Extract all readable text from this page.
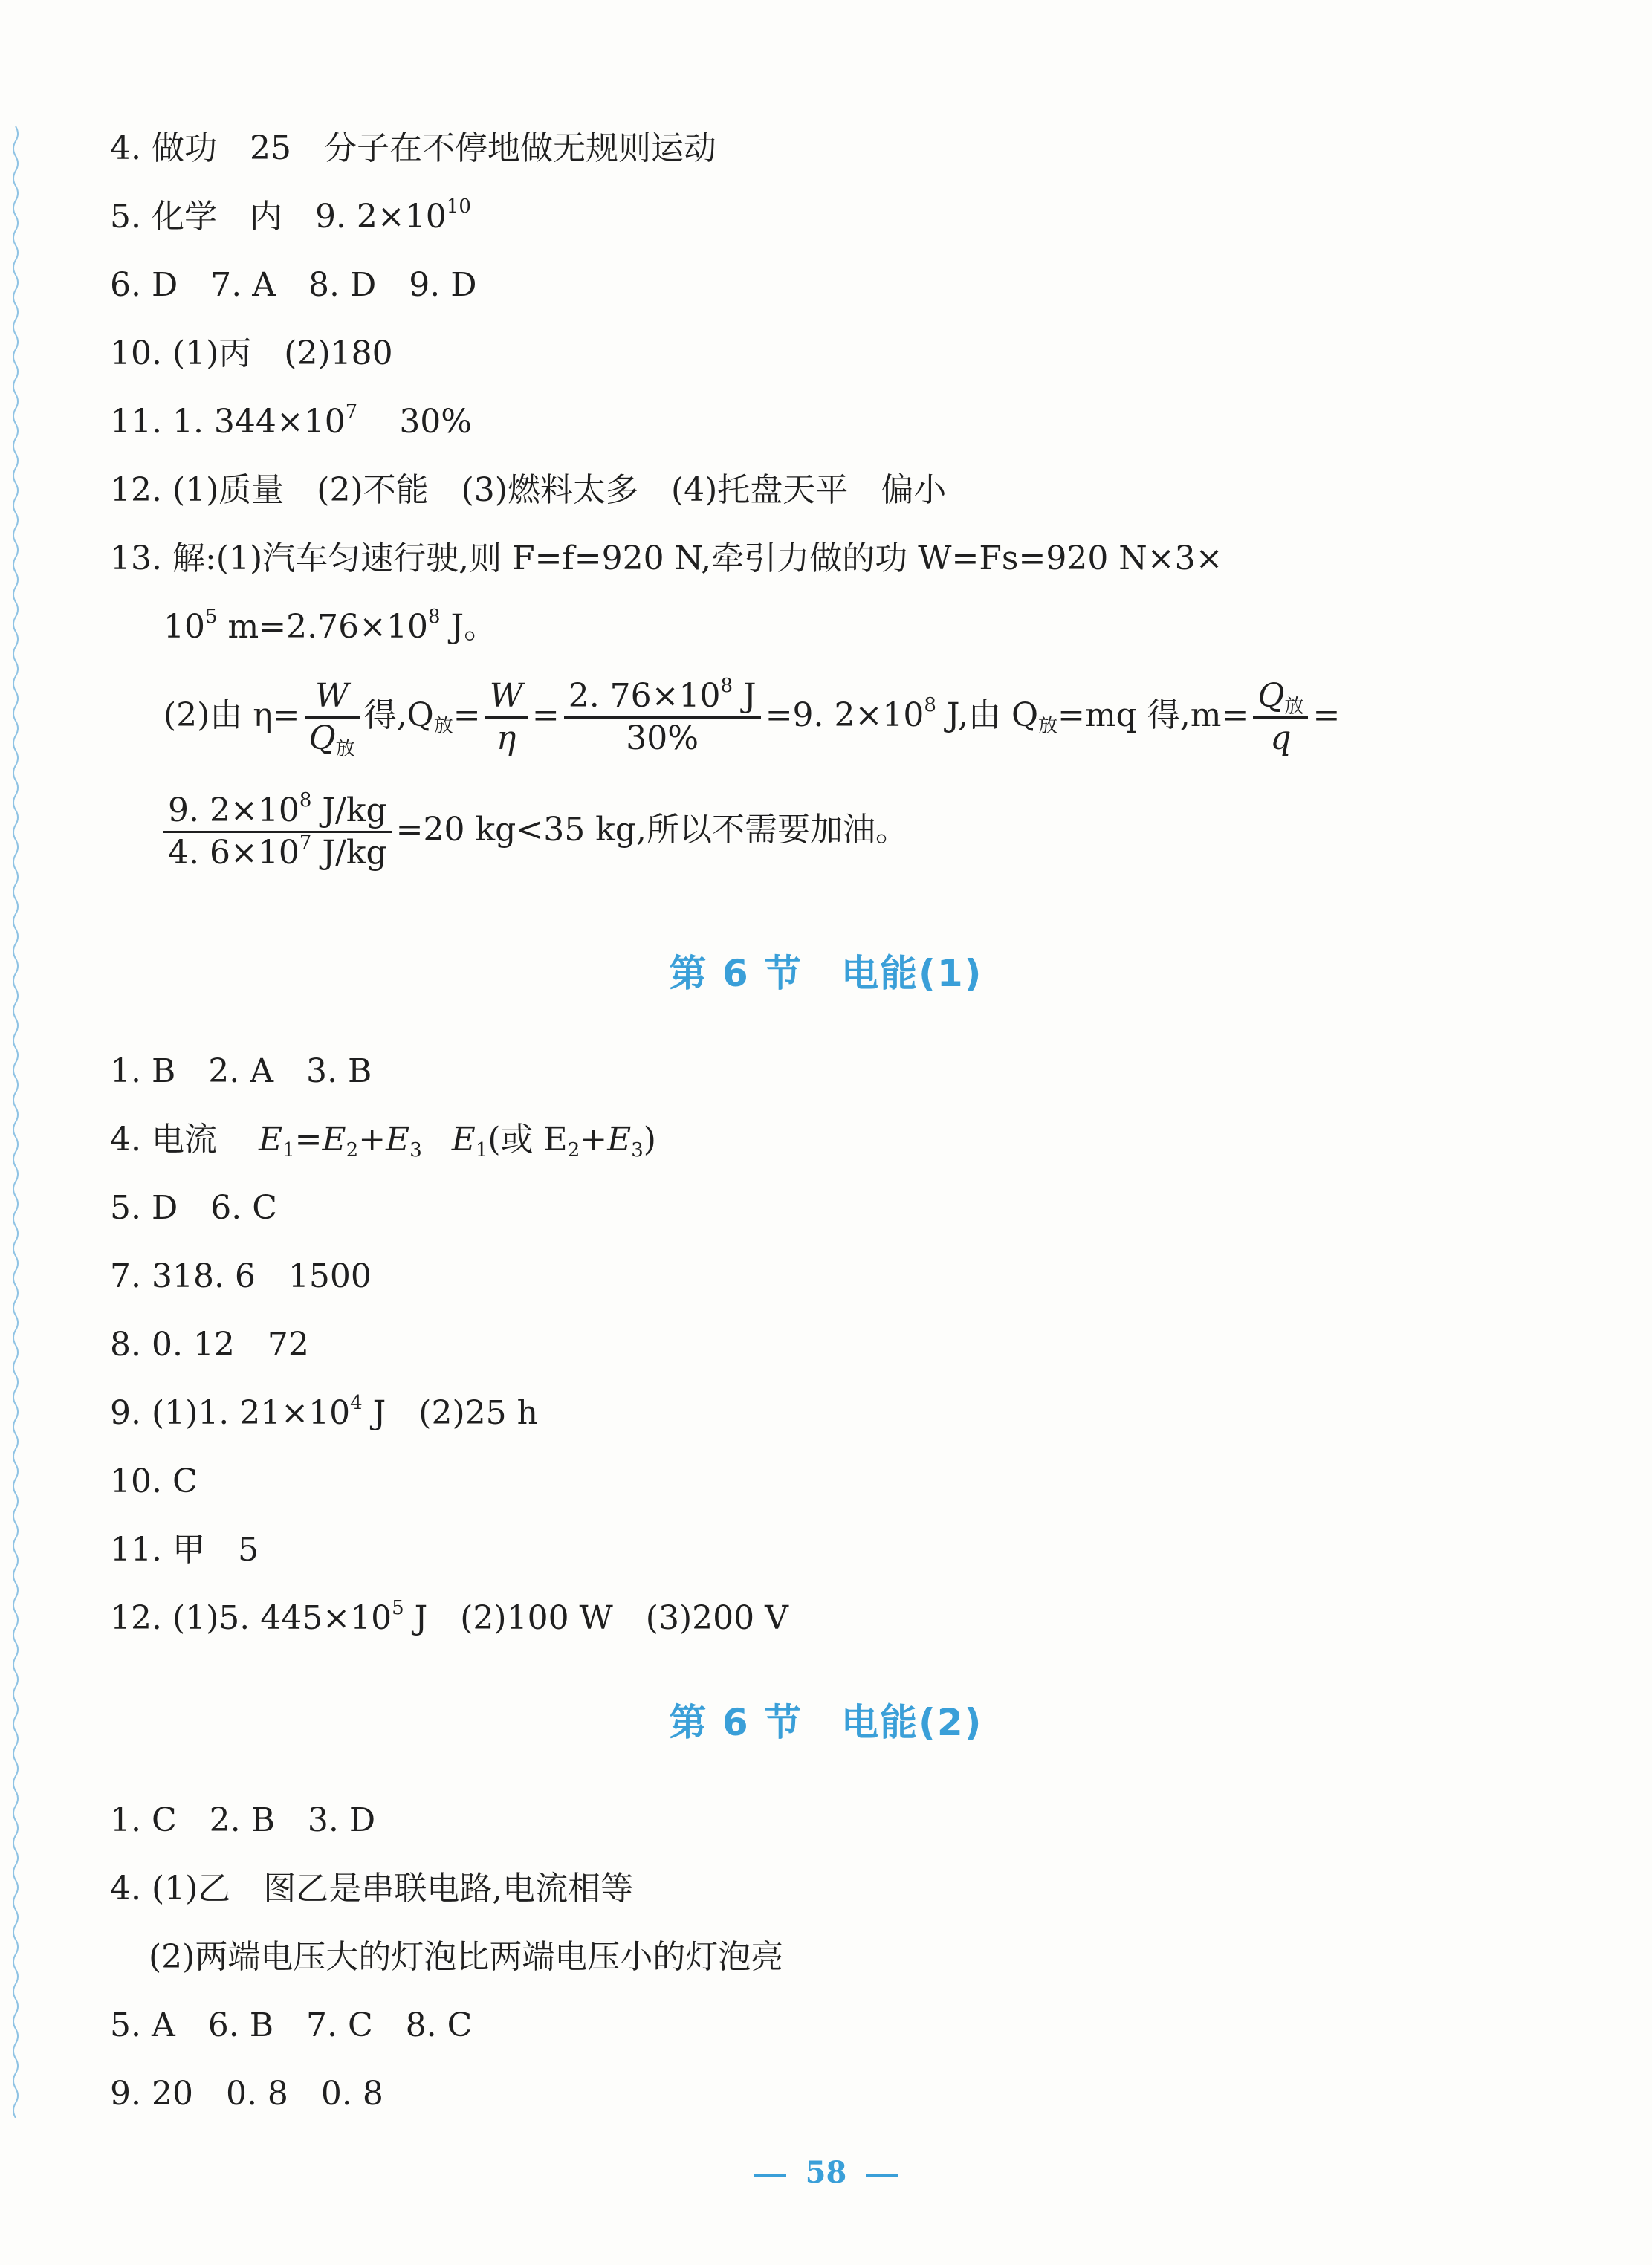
4. 做功　25　分子在不停地做无规则运动
5. 化学　内　9. $2\times 10^{10}$
6. D　7. A　8. D　9. D
10. (1)丙　(2)180
11. 1. $344\times 10^7$ 30%
12. (1)质量　(2)不能　(3)燃料太多　(4)托盘天平　偏小
13. 解:(1)汽车匀速行驶,则 F=f=920 N,牵引力做的功 W=Fs=920 N×3×
$10^5$ $m=2.76\times 10^8$ J。
(2)由 $\eta= \frac{W}{Q_放}$ 得$,Q_放= \frac{W}{\eta} = \frac{2. 76\times 10^8 J}{30\%} =9$. $2\times 10^8$ J,由 $Q_放=mq$ 得$,m= \frac{Q_放}{q}$ =
$\frac{9. 2\times 10^8 J/kg}{4. 6\times 10^7 J/kg} =20$ kg<35 kg,所以不需要加油。
第 6 节　电能(1)
1. B　2. A　3. B
4. 电流 $E_1=E_2+E_3$ $E_1$(或 $E_2+E_3$)
5. D　6. C
7. 318. 6　1500
8. 0. 12　72
9. (1)1. $21\times 10^4$ J　(2)25 h
10. C
11. 甲　5
12. (1)5. $445\times 10^5$ J　(2)100 W　(3)200 V
第 6 节　电能(2)
1. C　2. B　3. D
4. (1)乙　图乙是串联电路,电流相等
(2)两端电压大的灯泡比两端电压小的灯泡亮
5. A　6. B　7. C　8. C
9. 20　0. 8　0. 8
58
